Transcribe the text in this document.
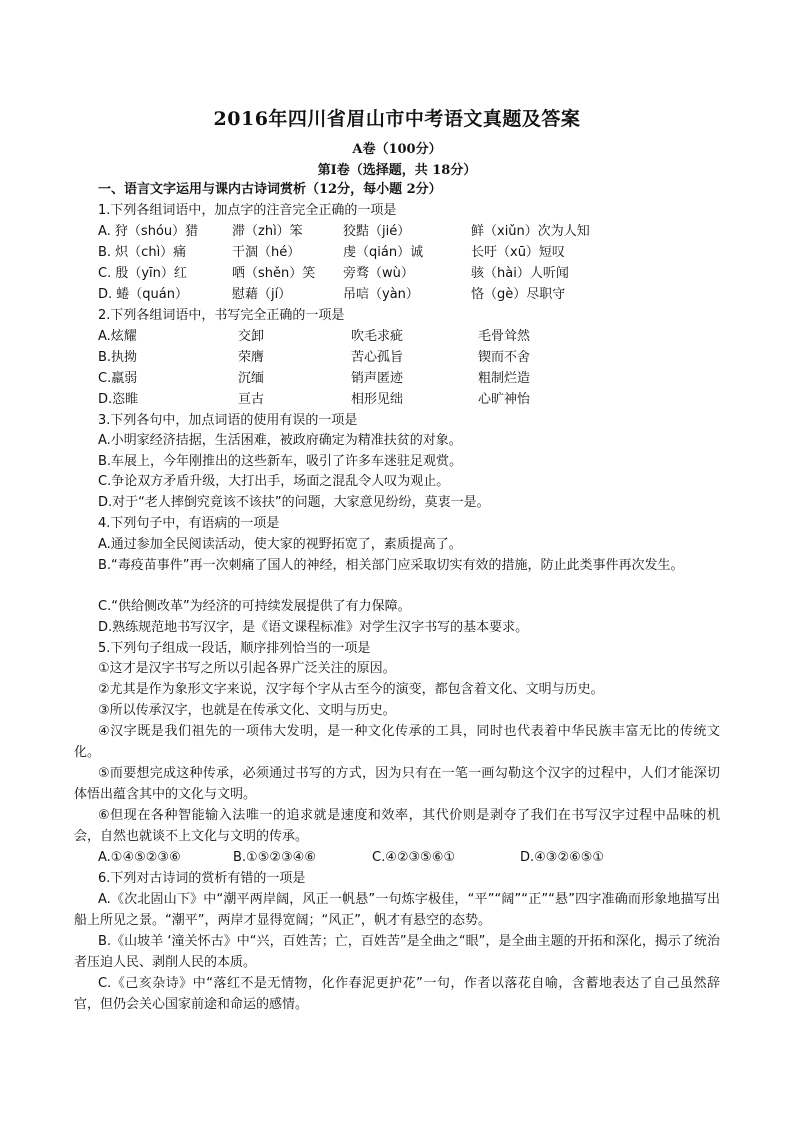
2016年四川省眉山市中考语文真题及答案
A卷（100分）
第Ⅰ卷（选择题，共 18分）
一、语言文字运用与课内古诗词赏析（12分，每小题 2分）
1.下列各组词语中，加点字的注音完全正确的一项是
A. 狩（shóu）猎	滞（zhì）笨	狡黠（jié）	鲜（xiǔn）次为人知
B. 炽（chì）痛	干涸（hé）	虔（qián）诚	长吁（xū）短叹
C. 殷（yīn）红	哂（shěn）笑 旁骛（wù）	骇（hài）人听闻
D. 蜷（quán）	慰藉（jí）	吊唁（yàn）	恪（gè）尽职守
2.下列各组词语中，书写完全正确的一项是
A.炫耀	交卸	吹毛求疵	毛骨耸然
B.执拗	荣膺	苦心孤旨	锲而不舍
C.羸弱	沉缅	销声匿迹	粗制烂造
D.恣睢	亘古	相形见绌	心旷神怡
3.下列各句中，加点词语的使用有误的一项是
A.小明家经济拮据，生活困难，被政府确定为精准扶贫的对象。
B.车展上，今年刚推出的这些新车，吸引了许多车迷驻足观赏。
C.争论双方矛盾升级，大打出手，场面之混乱令人叹为观止。
D.对于“老人摔倒究竟该不该扶”的问题，大家意见纷纷，莫衷一是。
4.下列句子中，有语病的一项是
A.通过参加全民阅读活动，使大家的视野拓宽了，素质提高了。
B.“毒疫苗事件”再一次刺痛了国人的神经，相关部门应采取切实有效的措施，防止此类事件再次发生。
C.“供给侧改革”为经济的可持续发展提供了有力保障。
D.熟练规范地书写汉字，是《语文课程标准》对学生汉字书写的基本要求。
5.下列句子组成一段话，顺序排列恰当的一项是
①这才是汉字书写之所以引起各界广泛关注的原因。
②尤其是作为象形文字来说，汉字每个字从古至今的演变，都包含着文化、文明与历史。
③所以传承汉字，也就是在传承文化、文明与历史。
④汉字既是我们祖先的一项伟大发明，是一种文化传承的工具，同时也代表着中华民族丰富无比的传统文化。
⑤而要想完成这种传承，必须通过书写的方式，因为只有在一笔一画勾勒这个汉字的过程中，人们才能深切体悟出蕴含其中的文化与文明。
⑥但现在各种智能输入法唯一的追求就是速度和效率，其代价则是剥夺了我们在书写汉字过程中品味的机会，自然也就谈不上文化与文明的传承。
A.①④⑤②③⑥	B.①⑤②③④⑥	C.④②③⑤⑥①	D.④③②⑥⑤①
6.下列对古诗词的赏析有错的一项是
A.《次北固山下》中“潮平两岸阔，风正一帆悬”一句炼字极佳，“平”“阔”“正”“悬”四字准确而形象地描写出船上所见之景。“潮平”，两岸才显得宽阔；“风正”，帆才有悬空的态势。
B.《山坡羊 ‘潼关怀古》中“兴，百姓苦；亡，百姓苦”是全曲之“眼”，是全曲主题的开拓和深化，揭示了统治者压迫人民、剥削人民的本质。
C.《己亥杂诗》中“落红不是无情物，化作春泥更护花”一句，作者以落花自喻，含蓄地表达了自己虽然辞官，但仍会关心国家前途和命运的感情。
